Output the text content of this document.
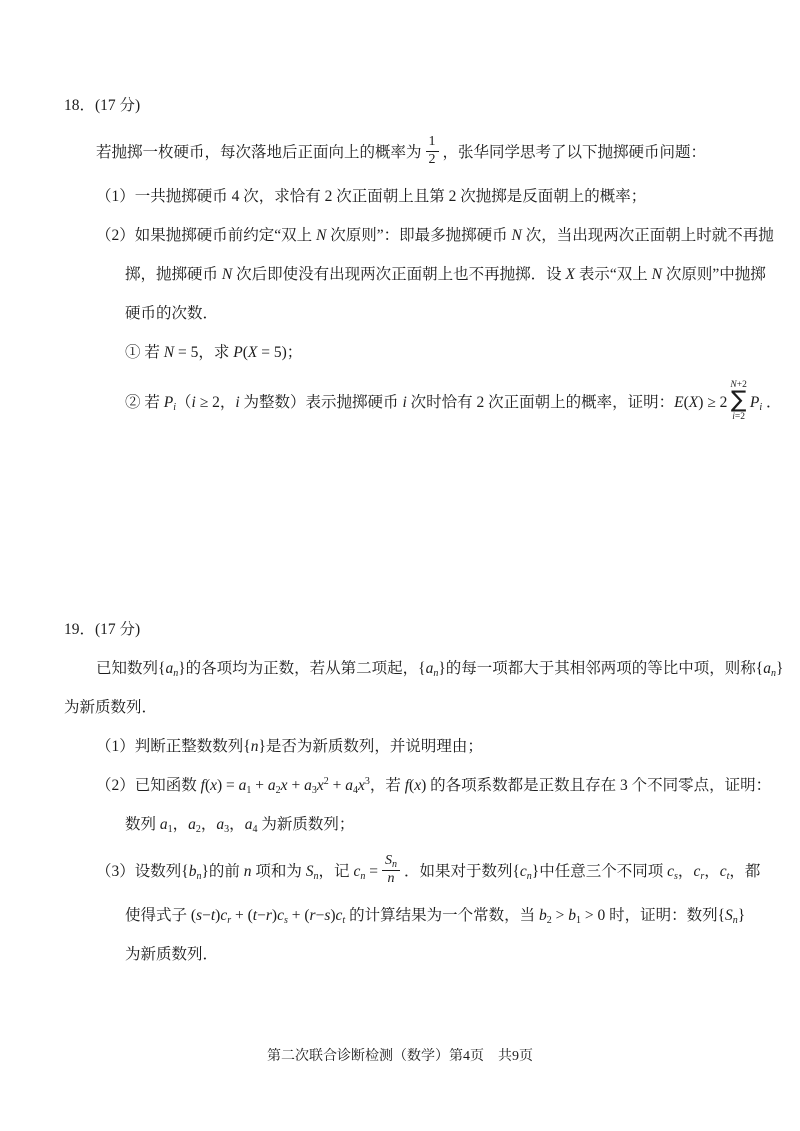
18．(17 分)
若抛掷一枚硬币，每次落地后正面向上的概率为 $\frac{1}{2}$ ，张华同学思考了以下抛掷硬币问题：
（1）一共抛掷硬币 4 次，求恰有 2 次正面朝上且第 2 次抛掷是反面朝上的概率；
（2）如果抛掷硬币前约定“双上 N 次原则”：即最多抛掷硬币 N 次，当出现两次正面朝上时就不再抛
掷，抛掷硬币 N 次后即使没有出现两次正面朝上也不再抛掷．设 X 表示“双上 N 次原则”中抛掷
硬币的次数．
① 若 N = 5，求 P(X = 5)；
② 若 $P_i(i \ge 2$，i 为整数）表示抛掷硬币 i 次时恰有 2 次正面朝上的概率，证明：E(X) ≥ 2
N+2
∑
i=2
$P_i$ ．
19．(17 分)
已知数列$\{a_n\}$的各项均为正数，若从第二项起，$\{a_n\}$的每一项都大于其相邻两项的等比中项，则称$\{a_n\}$
为新质数列．
（1）判断正整数数列{n}是否为新质数列，并说明理由；
（2）已知函数 $f(x) = a_1 + a_2x + a_3x^2 + a_4x^3$，若 f(x) 的各项系数都是正数且存在 3 个不同零点，证明：
数列 $a_1$，$a_2$，$a_3$，$a_4$ 为新质数列；
（3）设数列$\{b_n\}$的前 n 项和为 $S_n$，记 $c_n = \frac{S_n}{n}$ ．如果对于数列$\{c_n\}$中任意三个不同项 $c_s$，$c_r$，$c_t$，都
使得式子 $(s-t)c_r + (t-r)c_s + (r-s)c_t$ 的计算结果为一个常数，当 $b_2 > b_1 > 0$ 时，证明：数列$\{S_n\}$
为新质数列．
第二次联合诊断检测（数学）第4页　共9页
